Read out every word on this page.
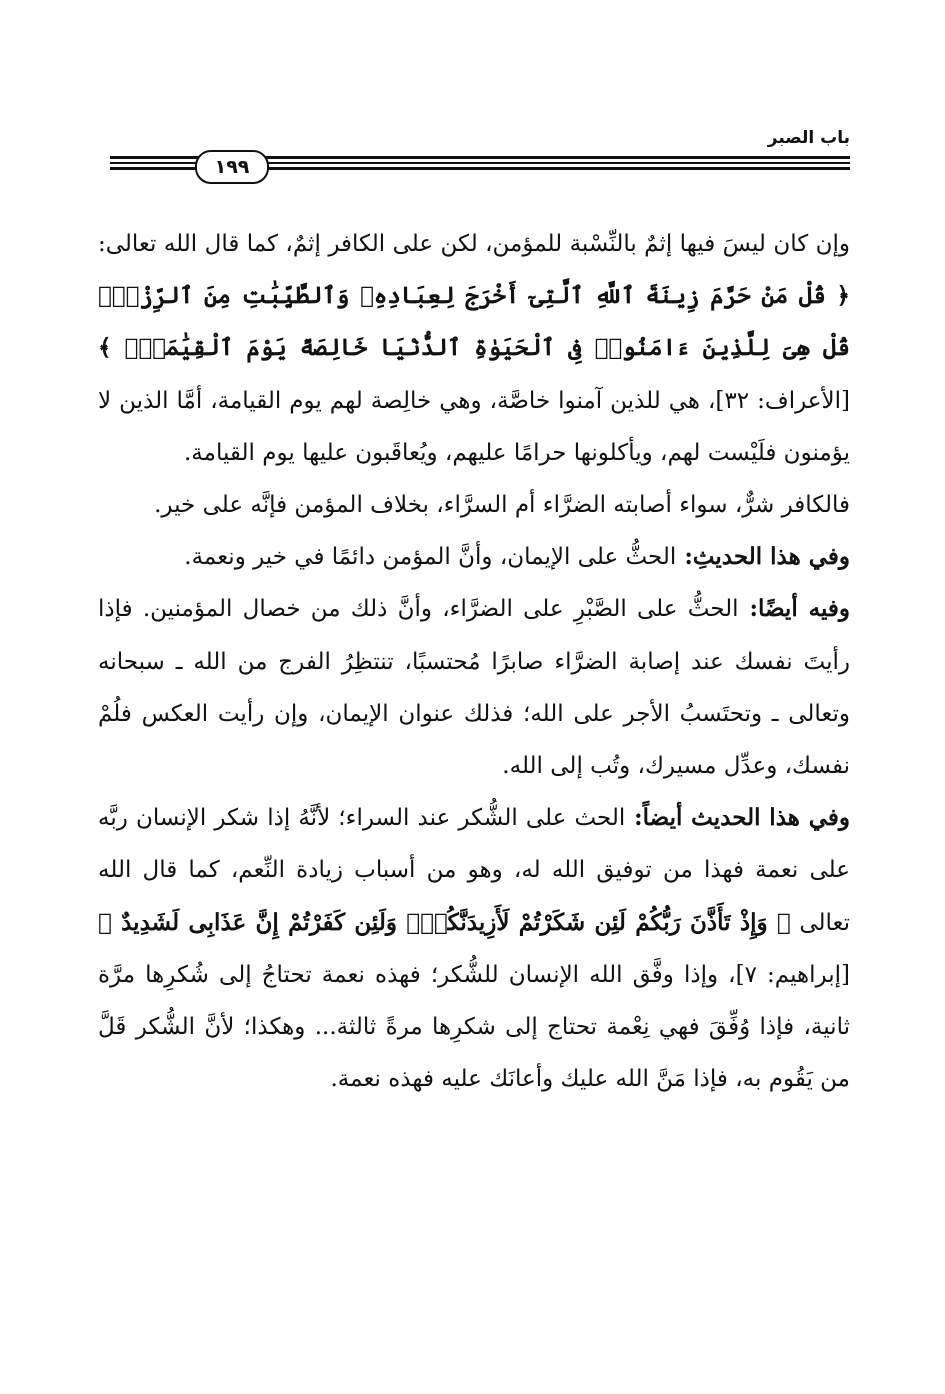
باب الصبر
١٩٩

وإن كان ليسَ فيها إثمٌ بالنِّسْبة للمؤمن، لكن على الكافر إثمٌ، كما قال الله تعالى: ﴿ قُلْ مَنْ حَرَّمَ زِينَةَ ٱللَّهِ ٱلَّتِىٓ أَخْرَجَ لِعِبَادِهِۦ وَٱلطَّيِّبَٰتِ مِنَ ٱلرِّزْقِۚ قُلْ هِىَ لِلَّذِينَ ءَامَنُوا۟ فِى ٱلْحَيَوٰةِ ٱلدُّنْيَا خَالِصَةً يَوْمَ ٱلْقِيَٰمَةِۗ ﴾ [الأعراف: ٣٢]، هي للذين آمنوا خاصَّة، وهي خالِصة لهم يوم القيامة، أمَّا الذين لا يؤمنون فلَيْست لهم، ويأكلونها حرامًا عليهم، ويُعاقَبون عليها يوم القيامة.

فالكافر شرٌّ، سواء أصابته الضرَّاء أم السرَّاء، بخلاف المؤمن فإنَّه على خير.

وفي هذا الحديثِ: الحثُّ على الإيمان، وأنَّ المؤمن دائمًا في خير ونعمة.

وفيه أيضًا: الحثُّ على الصَّبْرِ على الضرَّاء، وأنَّ ذلك من خصال المؤمنين. فإذا رأيتَ نفسك عند إصابة الضرَّاء صابرًا مُحتسبًا، تنتظِرُ الفرج من الله ـ سبحانه وتعالى ـ وتحتَسبُ الأجر على الله؛ فذلك عنوان الإيمان، وإن رأيت العكس فلُمْ نفسك، وعدِّل مسيرك، وتُب إلى الله.

وفي هذا الحديث أيضاً: الحث على الشُّكر عند السراء؛ لأنَّهُ إذا شكر الإنسان ربَّه على نعمة فهذا من توفيق الله له، وهو من أسباب زيادة النِّعم، كما قال الله تعالى ﴿ وَإِذْ تَأَذَّنَ رَبُّكُمْ لَئِن شَكَرْتُمْ لَأَزِيدَنَّكُمْۖ وَلَئِن كَفَرْتُمْ إِنَّ عَذَابِى لَشَدِيدٌ ﴾ [إبراهيم: ٧]، وإذا وفَّق الله الإنسان للشُّكر؛ فهذه نعمة تحتاجُ إلى شُكرِها مرَّة ثانية، فإذا وُفِّقَ فهي نِعْمة تحتاج إلى شكرِها مرةً ثالثة... وهكذا؛ لأنَّ الشُّكر قَلَّ من يَقُوم به، فإذا مَنَّ الله عليك وأعانَك عليه فهذه نعمة.
